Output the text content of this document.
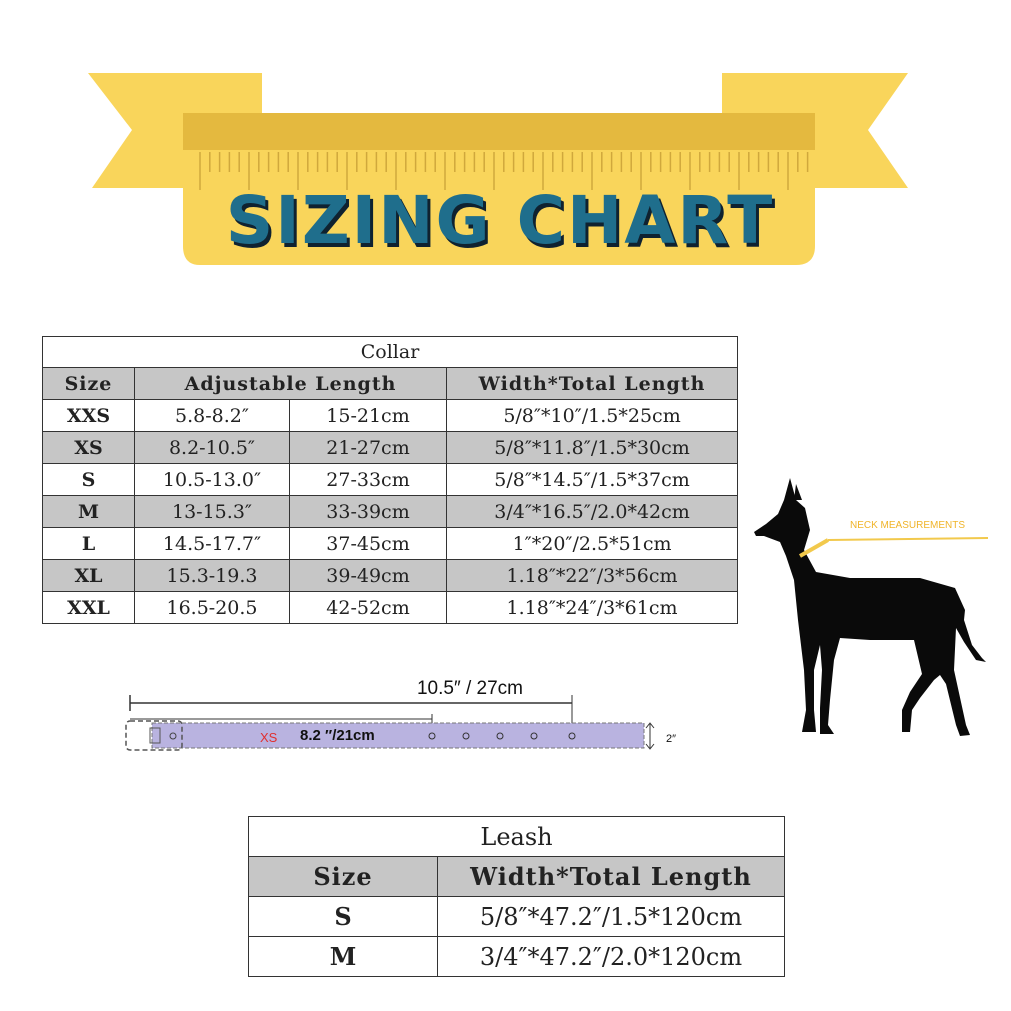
SIZING CHART
Collar			
Size	Adjustable Length		Width*Total Length
XXS	5.8-8.2″	15-21cm	5/8″*10″/1.5*25cm
XS	8.2-10.5″	21-27cm	5/8″*11.8″/1.5*30cm
S	10.5-13.0″	27-33cm	5/8″*14.5″/1.5*37cm
M	13-15.3″	33-39cm	3/4″*16.5″/2.0*42cm
L	14.5-17.7″	37-45cm	1″*20″/2.5*51cm
XL	15.3-19.3	39-49cm	1.18″*22″/3*56cm
XXL	16.5-20.5	42-52cm	1.18″*24″/3*61cm
10.5″ / 27cm
XS 8.2 ″/21cm	2″
NECK MEASUREMENTS
Leash	
Size	Width*Total Length
S	5/8″*47.2″/1.5*120cm
M	3/4″*47.2″/2.0*120cm
